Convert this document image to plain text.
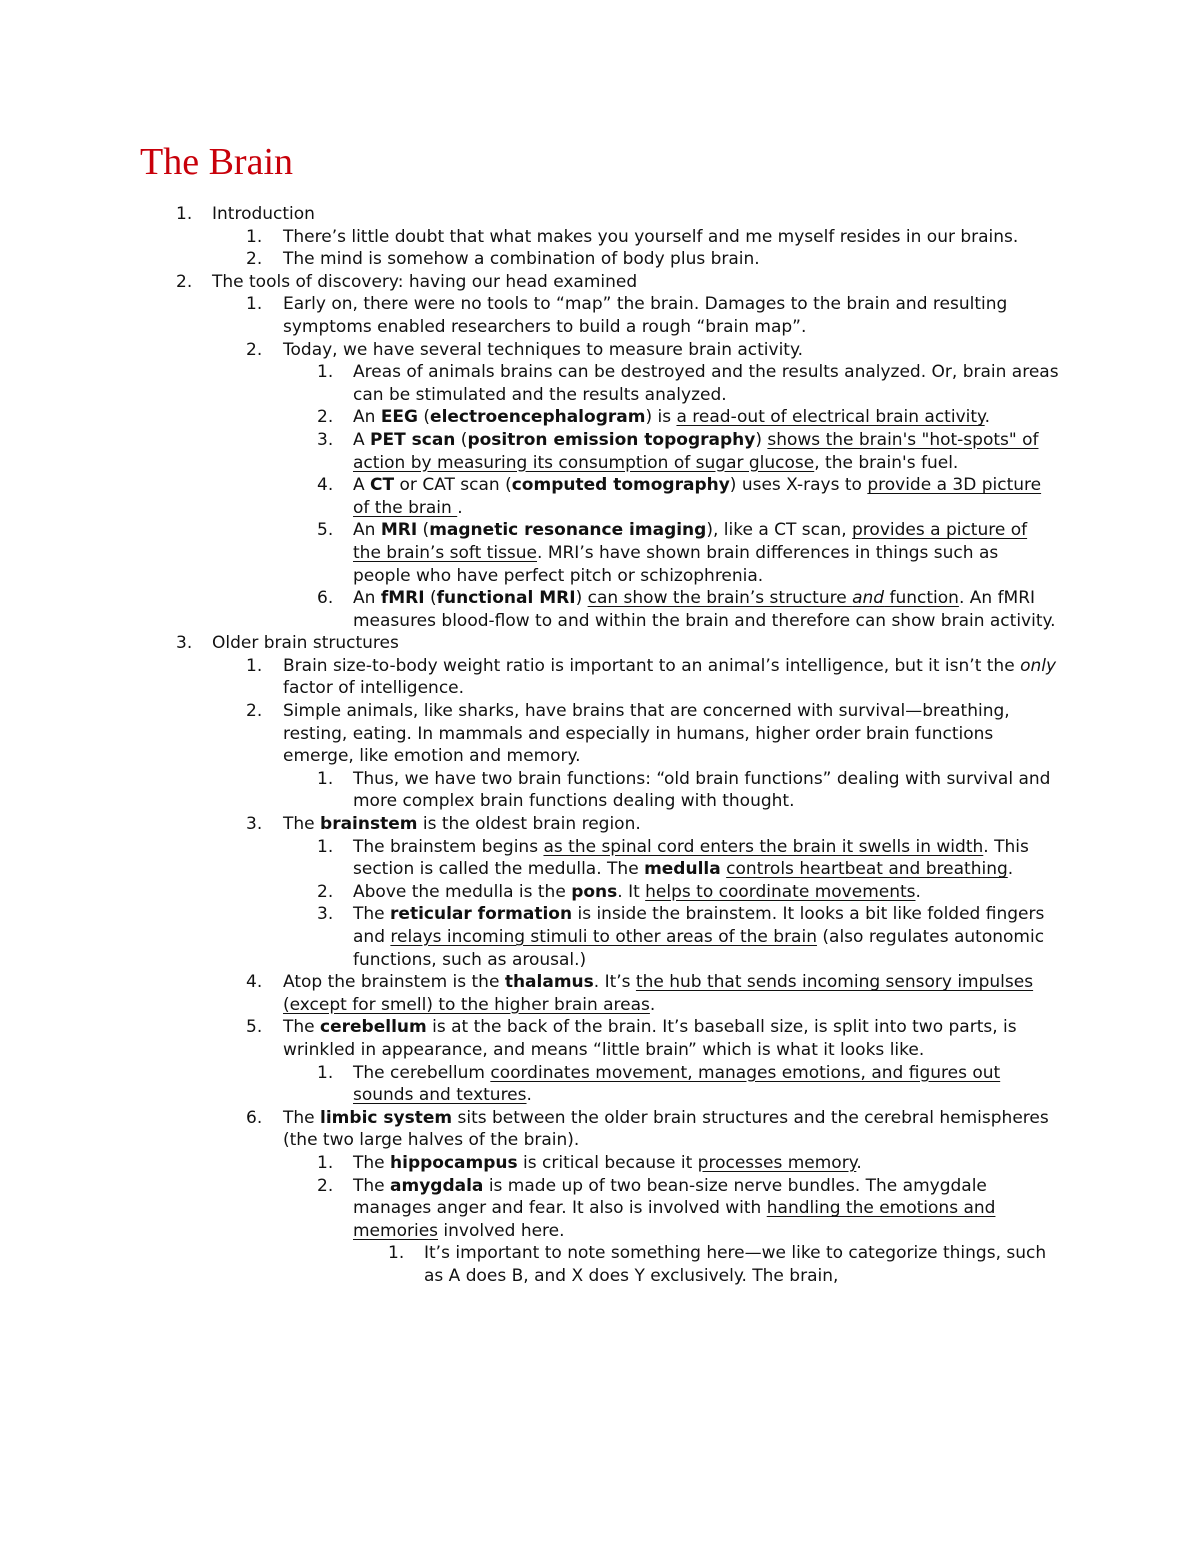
The Brain
1. Introduction
1. There’s little doubt that what makes you yourself and me myself resides in our brains.
2. The mind is somehow a combination of body plus brain.
2. The tools of discovery: having our head examined
1. Early on, there were no tools to “map” the brain. Damages to the brain and resulting symptoms enabled researchers to build a rough “brain map”.
2. Today, we have several techniques to measure brain activity.
1. Areas of animals brains can be destroyed and the results analyzed. Or, brain areas can be stimulated and the results analyzed.
2. An EEG (electroencephalogram) is a read-out of electrical brain activity.
3. A PET scan (positron emission topography) shows the brain's "hot-spots" of action by measuring its consumption of sugar glucose, the brain's fuel.
4. A CT or CAT scan (computed tomography) uses X-rays to provide a 3D picture of the brain .
5. An MRI (magnetic resonance imaging), like a CT scan, provides a picture of the brain’s soft tissue. MRI’s have shown brain differences in things such as people who have perfect pitch or schizophrenia.
6. An fMRI (functional MRI) can show the brain’s structure and function. An fMRI measures blood-flow to and within the brain and therefore can show brain activity.
3. Older brain structures
1. Brain size-to-body weight ratio is important to an animal’s intelligence, but it isn’t the only factor of intelligence.
2. Simple animals, like sharks, have brains that are concerned with survival—breathing, resting, eating. In mammals and especially in humans, higher order brain functions emerge, like emotion and memory.
1. Thus, we have two brain functions: “old brain functions” dealing with survival and more complex brain functions dealing with thought.
3. The brainstem is the oldest brain region.
1. The brainstem begins as the spinal cord enters the brain it swells in width. This section is called the medulla. The medulla controls heartbeat and breathing.
2. Above the medulla is the pons. It helps to coordinate movements.
3. The reticular formation is inside the brainstem. It looks a bit like folded fingers and relays incoming stimuli to other areas of the brain (also regulates autonomic functions, such as arousal.)
4. Atop the brainstem is the thalamus. It’s the hub that sends incoming sensory impulses (except for smell) to the higher brain areas.
5. The cerebellum is at the back of the brain. It’s baseball size, is split into two parts, is wrinkled in appearance, and means “little brain” which is what it looks like.
1. The cerebellum coordinates movement, manages emotions, and figures out sounds and textures.
6. The limbic system sits between the older brain structures and the cerebral hemispheres (the two large halves of the brain).
1. The hippocampus is critical because it processes memory.
2. The amygdala is made up of two bean-size nerve bundles. The amygdale manages anger and fear. It also is involved with handling the emotions and memories involved here.
1. It’s important to note something here—we like to categorize things, such as A does B, and X does Y exclusively. The brain,
